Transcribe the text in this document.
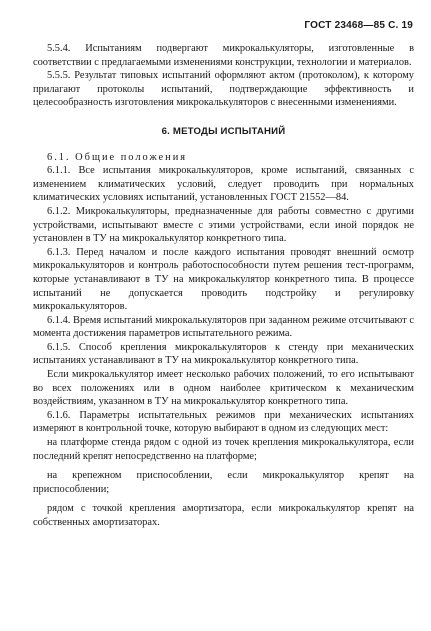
ГОСТ 23468—85 С. 19

5.5.4. Испытаниям подвергают микрокалькуляторы, изготовленные в соответствии с предлагаемыми изменениями конструкции, технологии и материалов.

5.5.5. Результат типовых испытаний оформляют актом (протоколом), к которому прилагают протоколы испытаний, подтверждающие эффективность и целесообразность изготовления микрокалькуляторов с внесенными изменениями.

6. МЕТОДЫ ИСПЫТАНИЙ

6.1. Общие положения

6.1.1. Все испытания микрокалькуляторов, кроме испытаний, связанных с изменением климатических условий, следует проводить при нормальных климатических условиях испытаний, установленных ГОСТ 21552—84.

6.1.2. Микрокалькуляторы, предназначенные для работы совместно с другими устройствами, испытывают вместе с этими устройствами, если иной порядок не установлен в ТУ на микрокалькулятор конкретного типа.

6.1.3. Перед началом и после каждого испытания проводят внешний осмотр микрокалькуляторов и контроль работоспособности путем решения тест-программ, которые устанавливают в ТУ на микрокалькулятор конкретного типа. В процессе испытаний не допускается проводить подстройку и регулировку микрокалькуляторов.

6.1.4. Время испытаний микрокалькуляторов при заданном режиме отсчитывают с момента достижения параметров испытательного режима.

6.1.5. Способ крепления микрокалькуляторов к стенду при механических испытаниях устанавливают в ТУ на микрокалькулятор конкретного типа.

Если микрокалькулятор имеет несколько рабочих положений, то его испытывают во всех положениях или в одном наиболее критическом к механическим воздействиям, указанном в ТУ на микрокалькулятор конкретного типа.

6.1.6. Параметры испытательных режимов при механических испытаниях измеряют в контрольной точке, которую выбирают в одном из следующих мест:

на платформе стенда рядом с одной из точек крепления микрокалькулятора, если последний крепят непосредственно на платформе;

на крепежном приспособлении, если микрокалькулятор крепят на приспособлении;

рядом с точкой крепления амортизатора, если микрокалькулятор крепят на собственных амортизаторах.
